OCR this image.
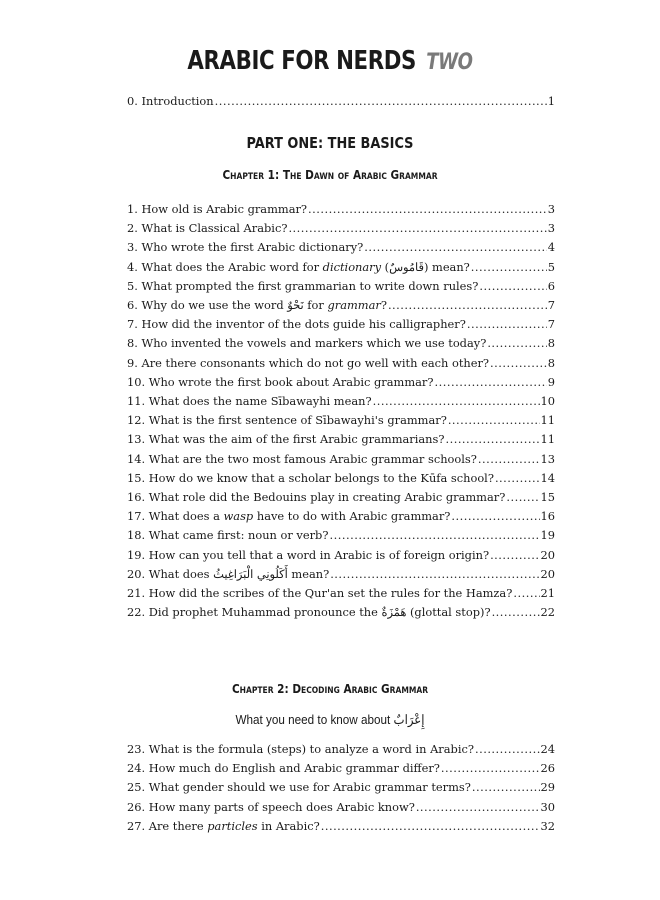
ARABIC FOR NERDS TWO
0. Introduction .....	1
PART ONE: THE BASICS
Chapter 1: The Dawn of Arabic Grammar
1. How old is Arabic grammar? .....	3
2. What is Classical Arabic? .....	3
3. Who wrote the first Arabic dictionary? .....	4
4. What does the Arabic word for dictionary (قَامُوسٌ) mean? .....	5
5. What prompted the first grammarian to write down rules? .....	6
6. Why do we use the word نَحْوٌ for grammar? .....	7
7. How did the inventor of the dots guide his calligrapher? .....	7
8. Who invented the vowels and markers which we use today? .....	8
9. Are there consonants which do not go well with each other? .....	8
10. Who wrote the first book about Arabic grammar? .....	9
11. What does the name Sībawayhi mean? .....	10
12. What is the first sentence of Sībawayhi's grammar? .....	11
13. What was the aim of the first Arabic grammarians? .....	11
14. What are the two most famous Arabic grammar schools? .....	13
15. How do we know that a scholar belongs to the Kūfa school? .....	14
16. What role did the Bedouins play in creating Arabic grammar? .....	15
17. What does a wasp have to do with Arabic grammar? .....	16
18. What came first: noun or verb? .....	19
19. How can you tell that a word in Arabic is of foreign origin? .....	20
20. What does أَكَلُونِي الْبَرَاغِيثُ mean? .....	20
21. How did the scribes of the Qur'an set the rules for the Hamza? ..... 21
22. Did prophet Muhammad pronounce the هَمْزَةٌ (glottal stop)? .....	22
Chapter 2: Decoding Arabic Grammar
What you need to know about إِعْرَابٌ
23. What is the formula (steps) to analyze a word in Arabic? .....	24
24. How much do English and Arabic grammar differ? .....	26
25. What gender should we use for Arabic grammar terms? .....	29
26. How many parts of speech does Arabic know? .....	30
27. Are there particles in Arabic? .....	32
